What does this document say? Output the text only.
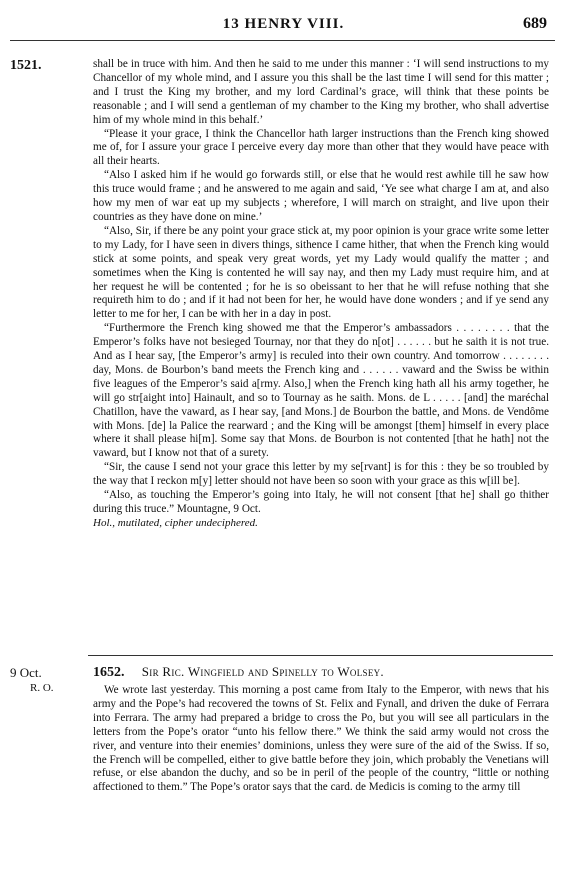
13 HENRY VIII.	689
1521.	shall be in truce with him. And then he said to me under this manner : ‘I will send instructions to my Chancellor of my whole mind, and I assure you this shall be the last time I will send for this matter ; and I trust the King my brother, and my lord Cardinal’s grace, will think that these points be reasonable ; and I will send a gentleman of my chamber to the King my brother, who shall advertise him of my whole mind in this behalf.’

“Please it your grace, I think the Chancellor hath larger instructions than the French king showed me of, for I assure your grace I perceive every day more than other that they would have peace with all their hearts.

“Also I asked him if he would go forwards still, or else that he would rest awhile till he saw how this truce would frame ; and he answered to me again and said, ‘Ye see what charge I am at, and also how my men of war eat up my subjects ; wherefore, I will march on straight, and live upon their countries as they have done on mine.’

“Also, Sir, if there be any point your grace stick at, my poor opinion is your grace write some letter to my Lady, for I have seen in divers things, sithence I came hither, that when the French king would stick at some points, and speak very great words, yet my Lady would qualify the matter ; and sometimes when the King is contented he will say nay, and then my Lady must require him, and at her request he will be contented ; for he is so obeissant to her that he will refuse nothing that she requireth him to do ; and if it had not been for her, he would have done wonders ; and if ye send any letter to me for her, I can be with her in a day in post.

“Furthermore the French king showed me that the Emperor’s ambassadors . . . . . . . . that the Emperor’s folks have not besieged Tournay, nor that they do n[ot] . . . . . . but he saith it is not true. And as I hear say, [the Emperor’s army] is reculed into their own country. And tomorrow . . . . . . . . day, Mons. de Bourbon’s band meets the French king and . . . . . . vaward and the Swiss be within five leagues of the Emperor’s said a[rmy. Also,] when the French king hath all his army together, he will go str[aight into] Hainault, and so to Tournay as he saith. Mons. de L . . . . . [and] the maréchal Chatillon, have the vaward, as I hear say, [and Mons.] de Bourbon the battle, and Mons. de Vendôme with Mons. [de] la Palice the rearward ; and the King will be amongst [them] himself in every place where it shall please hi[m]. Some say that Mons. de Bourbon is not contented [that he hath] not the vaward, but I know not that of a surety.

“Sir, the cause I send not your grace this letter by my se[rvant] is for this : they be so troubled by the way that I reckon m[y] letter should not have been so soon with your grace as this w[ill be].

“Also, as touching the Emperor’s going into Italy, he will not consent [that he] shall go thither during this truce.” Mountagne, 9 Oct.

Hol., mutilated, cipher undeciphered.
9 Oct.
R. O.
1652. Sir Ric. Wingfield and Spinelly to Wolsey.

We wrote last yesterday. This morning a post came from Italy to the Emperor, with news that his army and the Pope’s had recovered the towns of St. Felix and Fynall, and driven the duke of Ferrara into Ferrara. The army had prepared a bridge to cross the Po, but you will see all particulars in the letters from the Pope’s orator “unto his fellow there.” We think the said army would not cross the river, and venture into their enemies’ dominions, unless they were sure of the aid of the Swiss. If so, the French will be compelled, either to give battle before they join, which probably the Venetians will refuse, or else abandon the duchy, and so be in peril of the people of the country, “little or nothing affectioned to them.” The Pope’s orator says that the card. de Medicis is coming to the army till
